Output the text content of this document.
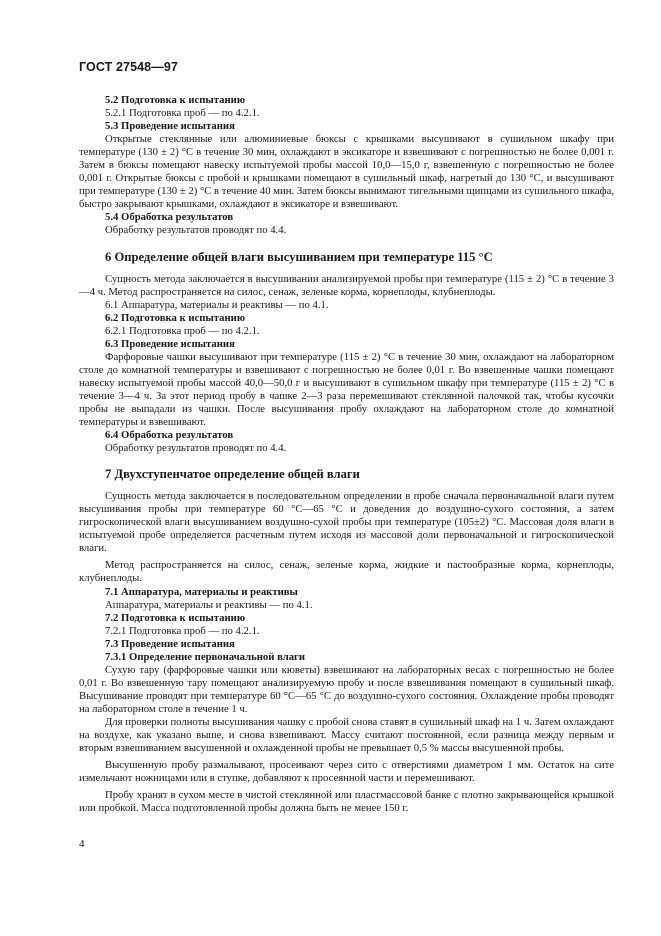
ГОСТ 27548—97

5.2 Подготовка к испытанию

5.2.1 Подготовка проб — по 4.2.1.

5.3 Проведение испытания

Открытые стеклянные или алюминиевые бюксы с крышками высушивают в сушильном шкафу при температуре (130 ± 2) °С в течение 30 мин, охлаждают в эксикаторе и взвешивают с погрешностью не более 0,001 г. Затем в бюксы помещают навеску испытуемой пробы массой 10,0—15,0 г, взвешенную с погрешностью не более 0,001 г. Открытые бюксы с пробой и крышками помещают в сушильный шкаф, нагретый до 130 °С, и высушивают при температуре (130 ± 2) °С в течение 40 мин. Затем бюксы вынимают тигельными щипцами из сушильного шкафа, быстро закрывают крышками, охлаждают в эксикаторе и взвешивают.

5.4 Обработка результатов

Обработку результатов проводят по 4.4.

6 Определение общей влаги высушиванием при температуре 115 °С

Сущность метода заключается в высушивании анализируемой пробы при температуре (115 ± 2) °С в течение 3—4 ч. Метод распространяется на силос, сенаж, зеленые корма, корнеплоды, клубнеплоды.

6.1 Аппаратура, материалы и реактивы — по 4.1.

6.2 Подготовка к испытанию

6.2.1 Подготовка проб — по 4.2.1.

6.3 Проведение испытания

Фарфоровые чашки высушивают при температуре (115 ± 2) °С в течение 30 мин, охлаждают на лабораторном столе до комнатной температуры и взвешивают с погрешностью не более 0,01 г. Во взвешенные чашки помещают навеску испытуемой пробы массой 40,0—50,0 г и высушивают в сушильном шкафу при температуре (115 ± 2) °С в течение 3—4 ч. За этот период пробу в чашке 2—3 раза перемешивают стеклянной палочкой так, чтобы кусочки пробы не выпадали из чашки. После высушивания пробу охлаждают на лабораторном столе до комнатной температуры и взвешивают.

6.4 Обработка результатов

Обработку результатов проводят по 4.4.

7 Двухступенчатое определение общей влаги

Сущность метода заключается в последовательном определении в пробе сначала первоначальной влаги путем высушивания пробы при температуре 60 °С—65 °С и доведения до воздушно-сухого состояния, а затем гигроскопической влаги высушиванием воздушно-сухой пробы при температуре (105±2) °С. Массовая доля влаги в испытуемой пробе определяется расчетным путем исходя из массовой доли первоначальной и гигроскопической влаги.

Метод распространяется на силос, сенаж, зеленые корма, жидкие и пастообразные корма, корнеплоды, клубнеплоды.

7.1 Аппаратура, материалы и реактивы

Аппаратура, материалы и реактивы — по 4.1.

7.2 Подготовка к испытанию

7.2.1 Подготовка проб — по 4.2.1.

7.3 Проведение испытания

7.3.1 Определение первоначальной влаги

Сухую тару (фарфоровые чашки или кюветы) взвешивают на лабораторных весах с погрешностью не более 0,01 г. Во взвешенную тару помещают анализируемую пробу и после взвешивания помещают в сушильный шкаф. Высушивание проводят при температуре 60 °С—65 °С до воздушно-сухого состояния. Охлаждение пробы проводят на лабораторном столе в течение 1 ч.

Для проверки полноты высушивания чашку с пробой снова ставят в сушильный шкаф на 1 ч. Затем охлаждают на воздухе, как указано выше, и снова взвешивают. Массу считают постоянной, если разница между первым и вторым взвешиванием высушенной и охлажденной пробы не превышает 0,5 % массы высушенной пробы.

Высушенную пробу размалывают, просеивают через сито с отверстиями диаметром 1 мм. Остаток на сите измельчают ножницами или в ступке, добавляют к просеянной части и перемешивают.

Пробу хранят в сухом месте в чистой стеклянной или пластмассовой банке с плотно закрывающейся крышкой или пробкой. Масса подготовленной пробы должна быть не менее 150 г.

4
